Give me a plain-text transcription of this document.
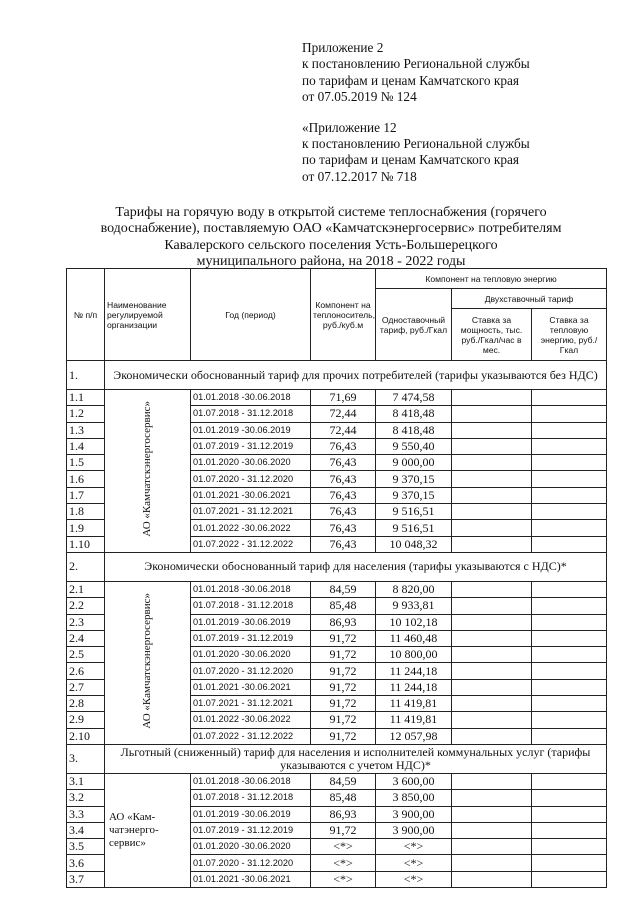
Приложение 2
к постановлению Региональной службы
по тарифам и ценам Камчатского края
от 07.05.2019 № 124
«Приложение 12
к постановлению Региональной службы
по тарифам и ценам Камчатского края
от 07.12.2017 № 718
Тарифы на горячую воду в открытой системе теплоснабжения (горячего
водоснабжение), поставляемую ОАО «Камчатскэнергосервис» потребителям
Кавалерского сельского поселения Усть-Большерецкого
муниципального района, на 2018 - 2022 годы
№ п/п	Наименование регулируемой организации	Год (период)	Компонент на теплоноситель, руб./куб.м	Компонент на тепловую энергию		
				Одноставочный тариф, руб./Гкал	Двухставочный тариф	
					Ставка за мощность, тыс. руб./Гкал/час в мес.	Ставка за тепловую энергию, руб./Гкал
1.	Экономически обоснованный тариф для прочих потребителей (тарифы указываются без НДС)					
1.1	АО «Камчатскэнергосервис»	01.01.2018 -30.06.2018	71,69	7 474,58		
1.2		01.07.2018 - 31.12.2018	72,44	8 418,48		
1.3		01.01.2019 -30.06.2019	72,44	8 418,48		
1.4		01.07.2019 - 31.12.2019	76,43	9 550,40		
1.5		01.01.2020 -30.06.2020	76,43	9 000,00		
1.6		01.07.2020 - 31.12.2020	76,43	9 370,15		
1.7		01.01.2021 -30.06.2021	76,43	9 370,15		
1.8		01.07.2021 - 31.12.2021	76,43	9 516,51		
1.9		01.01.2022 -30.06.2022	76,43	9 516,51		
1.10		01.07.2022 - 31.12.2022	76,43	10 048,32		
2.	Экономически обоснованный тариф для населения (тарифы указываются с НДС)*					
2.1	АО «Камчатскэнергосервис»	01.01.2018 -30.06.2018	84,59	8 820,00		
2.2		01.07.2018 - 31.12.2018	85,48	9 933,81		
2.3		01.01.2019 -30.06.2019	86,93	10 102,18		
2.4		01.07.2019 - 31.12.2019	91,72	11 460,48		
2.5		01.01.2020 -30.06.2020	91,72	10 800,00		
2.6		01.07.2020 - 31.12.2020	91,72	11 244,18		
2.7		01.01.2021 -30.06.2021	91,72	11 244,18		
2.8		01.07.2021 - 31.12.2021	91,72	11 419,81		
2.9		01.01.2022 -30.06.2022	91,72	11 419,81		
2.10		01.07.2022 - 31.12.2022	91,72	12 057,98		
3.	Льготный (сниженный) тариф для населения и исполнителей коммунальных услуг (тарифы указываются с учетом НДС)*					
3.1	АО «Кам-чатэнерго-сервис»	01.01.2018 -30.06.2018	84,59	3 600,00		
3.2		01.07.2018 - 31.12.2018	85,48	3 850,00		
3.3		01.01.2019 -30.06.2019	86,93	3 900,00		
3.4		01.07.2019 - 31.12.2019	91,72	3 900,00		
3.5		01.01.2020 -30.06.2020	<*>	<*>		
3.6		01.07.2020 - 31.12.2020	<*>	<*>		
3.7		01.01.2021 -30.06.2021	<*>	<*>		
